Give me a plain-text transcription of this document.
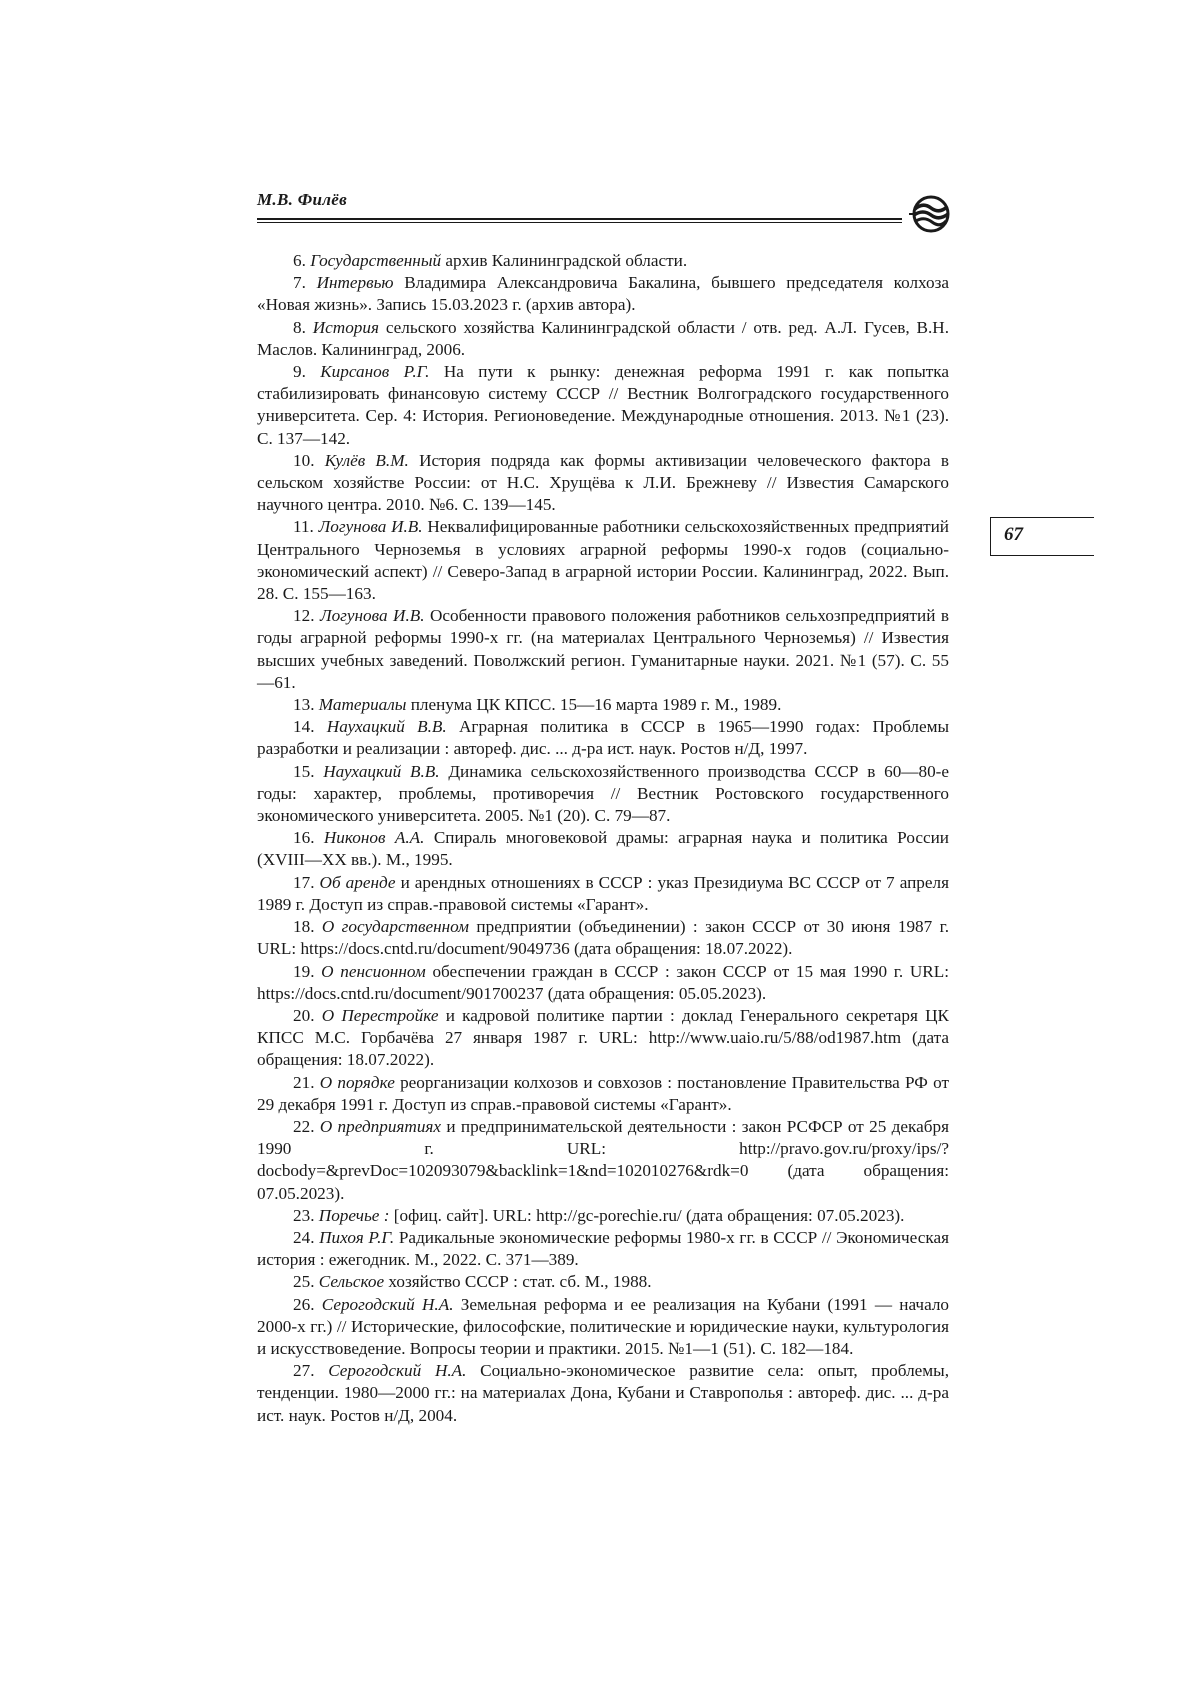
М.В. Филёв
67
6. Государственный архив Калининградской области.
7. Интервью Владимира Александровича Бакалина, бывшего председателя колхоза «Новая жизнь». Запись 15.03.2023 г. (архив автора).
8. История сельского хозяйства Калининградской области / отв. ред. А.Л. Гусев, В.Н. Маслов. Калининград, 2006.
9. Кирсанов Р.Г. На пути к рынку: денежная реформа 1991 г. как попытка стабилизировать финансовую систему СССР // Вестник Волгоградского государственного университета. Сер. 4: История. Регионоведение. Международные отношения. 2013. №1 (23). С. 137—142.
10. Кулёв В.М. История подряда как формы активизации человеческого фактора в сельском хозяйстве России: от Н.С. Хрущёва к Л.И. Брежневу // Известия Самарского научного центра. 2010. №6. С. 139—145.
11. Логунова И.В. Неквалифицированные работники сельскохозяйственных предприятий Центрального Черноземья в условиях аграрной реформы 1990-х годов (социально-экономический аспект) // Северо-Запад в аграрной истории России. Калининград, 2022. Вып. 28. С. 155—163.
12. Логунова И.В. Особенности правового положения работников сельхозпредприятий в годы аграрной реформы 1990-х гг. (на материалах Центрального Черноземья) // Известия высших учебных заведений. Поволжский регион. Гуманитарные науки. 2021. №1 (57). С. 55—61.
13. Материалы пленума ЦК КПСС. 15—16 марта 1989 г. М., 1989.
14. Наухацкий В.В. Аграрная политика в СССР в 1965—1990 годах: Проблемы разработки и реализации : автореф. дис. ... д-ра ист. наук. Ростов н/Д, 1997.
15. Наухацкий В.В. Динамика сельскохозяйственного производства СССР в 60—80-е годы: характер, проблемы, противоречия // Вестник Ростовского государственного экономического университета. 2005. №1 (20). С. 79—87.
16. Никонов А.А. Спираль многовековой драмы: аграрная наука и политика России (XVIII—XX вв.). М., 1995.
17. Об аренде и арендных отношениях в СССР : указ Президиума ВС СССР от 7 апреля 1989 г. Доступ из справ.-правовой системы «Гарант».
18. О государственном предприятии (объединении) : закон СССР от 30 июня 1987 г. URL: https://docs.cntd.ru/document/9049736 (дата обращения: 18.07.2022).
19. О пенсионном обеспечении граждан в СССР : закон СССР от 15 мая 1990 г. URL: https://docs.cntd.ru/document/901700237 (дата обращения: 05.05.2023).
20. О Перестройке и кадровой политике партии : доклад Генерального секретаря ЦК КПСС М.С. Горбачёва 27 января 1987 г. URL: http://www.uaio.ru/5/88/od1987.htm (дата обращения: 18.07.2022).
21. О порядке реорганизации колхозов и совхозов : постановление Правительства РФ от 29 декабря 1991 г. Доступ из справ.-правовой системы «Гарант».
22. О предприятиях и предпринимательской деятельности : закон РСФСР от 25 декабря 1990 г. URL: http://pravo.gov.ru/proxy/ips/?docbody=&prevDoc=102093079&backlink=1&nd=102010276&rdk=0 (дата обращения: 07.05.2023).
23. Поречье : [офиц. сайт]. URL: http://gc-porechie.ru/ (дата обращения: 07.05.2023).
24. Пихоя Р.Г. Радикальные экономические реформы 1980-х гг. в СССР // Экономическая история : ежегодник. М., 2022. С. 371—389.
25. Сельское хозяйство СССР : стат. сб. М., 1988.
26. Серогодский Н.А. Земельная реформа и ее реализация на Кубани (1991 — начало 2000-х гг.) // Исторические, философские, политические и юридические науки, культурология и искусствоведение. Вопросы теории и практики. 2015. №1—1 (51). С. 182—184.
27. Серогодский Н.А. Социально-экономическое развитие села: опыт, проблемы, тенденции. 1980—2000 гг.: на материалах Дона, Кубани и Ставрополья : автореф. дис. ... д-ра ист. наук. Ростов н/Д, 2004.
